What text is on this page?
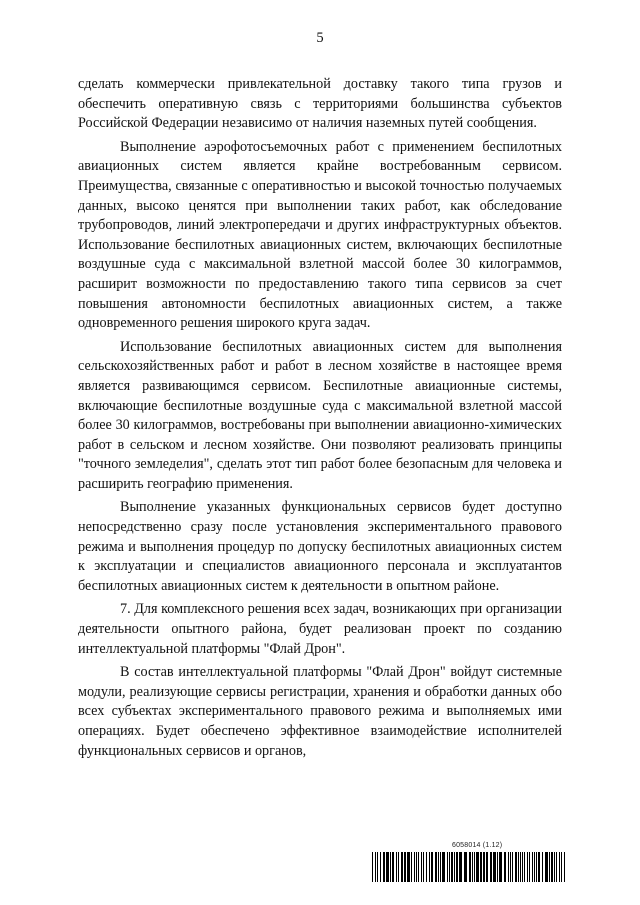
5

сделать коммерчески привлекательной доставку такого типа грузов и обеспечить оперативную связь с территориями большинства субъектов Российской Федерации независимо от наличия наземных путей сообщения.

Выполнение аэрофотосъемочных работ с применением беспилотных авиационных систем является крайне востребованным сервисом. Преимущества, связанные с оперативностью и высокой точностью получаемых данных, высоко ценятся при выполнении таких работ, как обследование трубопроводов, линий электропередачи и других инфраструктурных объектов. Использование беспилотных авиационных систем, включающих беспилотные воздушные суда с максимальной взлетной массой более 30 килограммов, расширит возможности по предоставлению такого типа сервисов за счет повышения автономности беспилотных авиационных систем, а также одновременного решения широкого круга задач.

Использование беспилотных авиационных систем для выполнения сельскохозяйственных работ и работ в лесном хозяйстве в настоящее время является развивающимся сервисом. Беспилотные авиационные системы, включающие беспилотные воздушные суда с максимальной взлетной массой более 30 килограммов, востребованы при выполнении авиационно-химических работ в сельском и лесном хозяйстве. Они позволяют реализовать принципы "точного земледелия", сделать этот тип работ более безопасным для человека и расширить географию применения.

Выполнение указанных функциональных сервисов будет доступно непосредственно сразу после установления экспериментального правового режима и выполнения процедур по допуску беспилотных авиационных систем к эксплуатации и специалистов авиационного персонала и эксплуатантов беспилотных авиационных систем к деятельности в опытном районе.

7. Для комплексного решения всех задач, возникающих при организации деятельности опытного района, будет реализован проект по созданию интеллектуальной платформы "Флай Дрон".

В состав интеллектуальной платформы "Флай Дрон" войдут системные модули, реализующие сервисы регистрации, хранения и обработки данных обо всех субъектах экспериментального правового режима и выполняемых ими операциях. Будет обеспечено эффективное взаимодействие исполнителей функциональных сервисов и органов,

6058014 (1.12)
